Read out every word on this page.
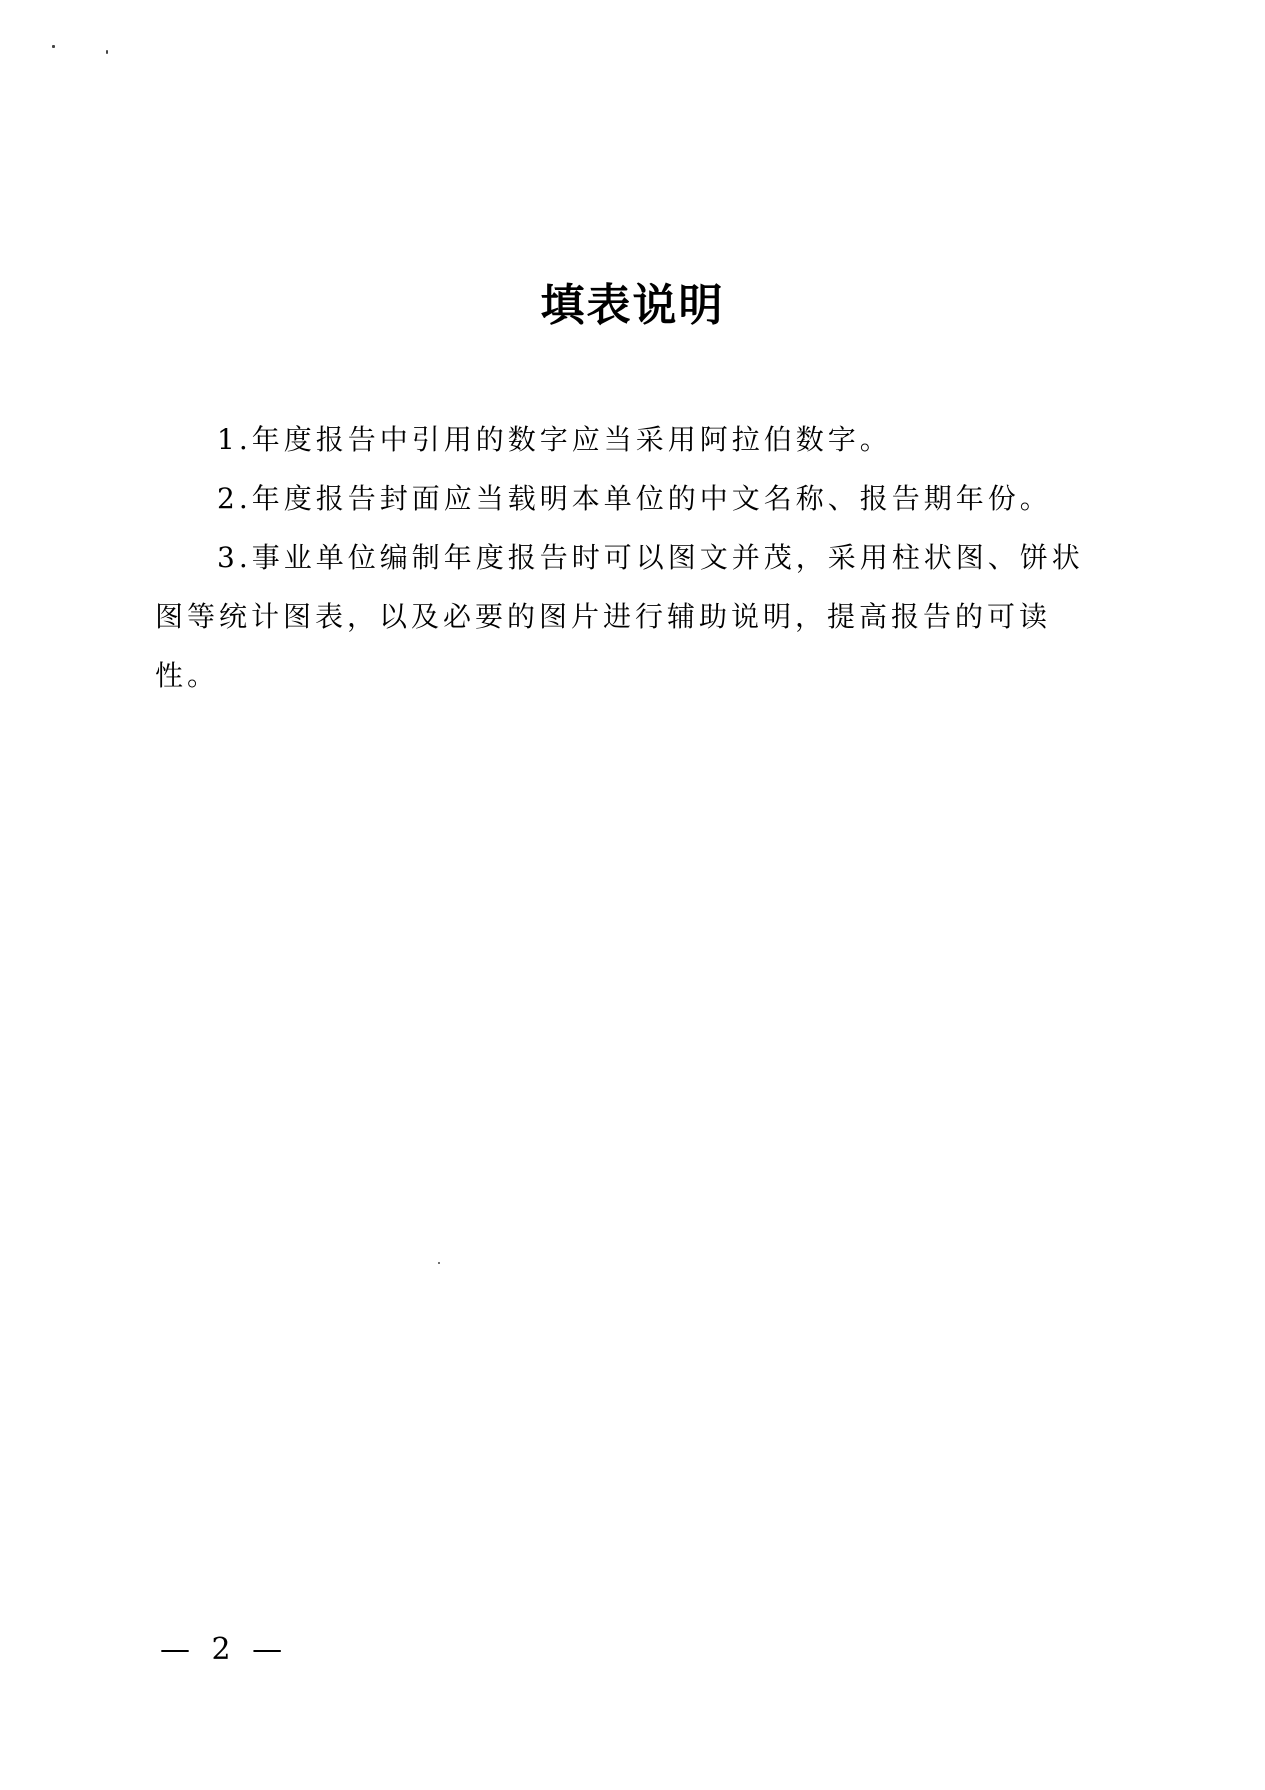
填表说明

1.年度报告中引用的数字应当采用阿拉伯数字。

2.年度报告封面应当载明本单位的中文名称、报告期年份。

3.事业单位编制年度报告时可以图文并茂，采用柱状图、饼状图等统计图表，以及必要的图片进行辅助说明，提高报告的可读性。

— 2 —
